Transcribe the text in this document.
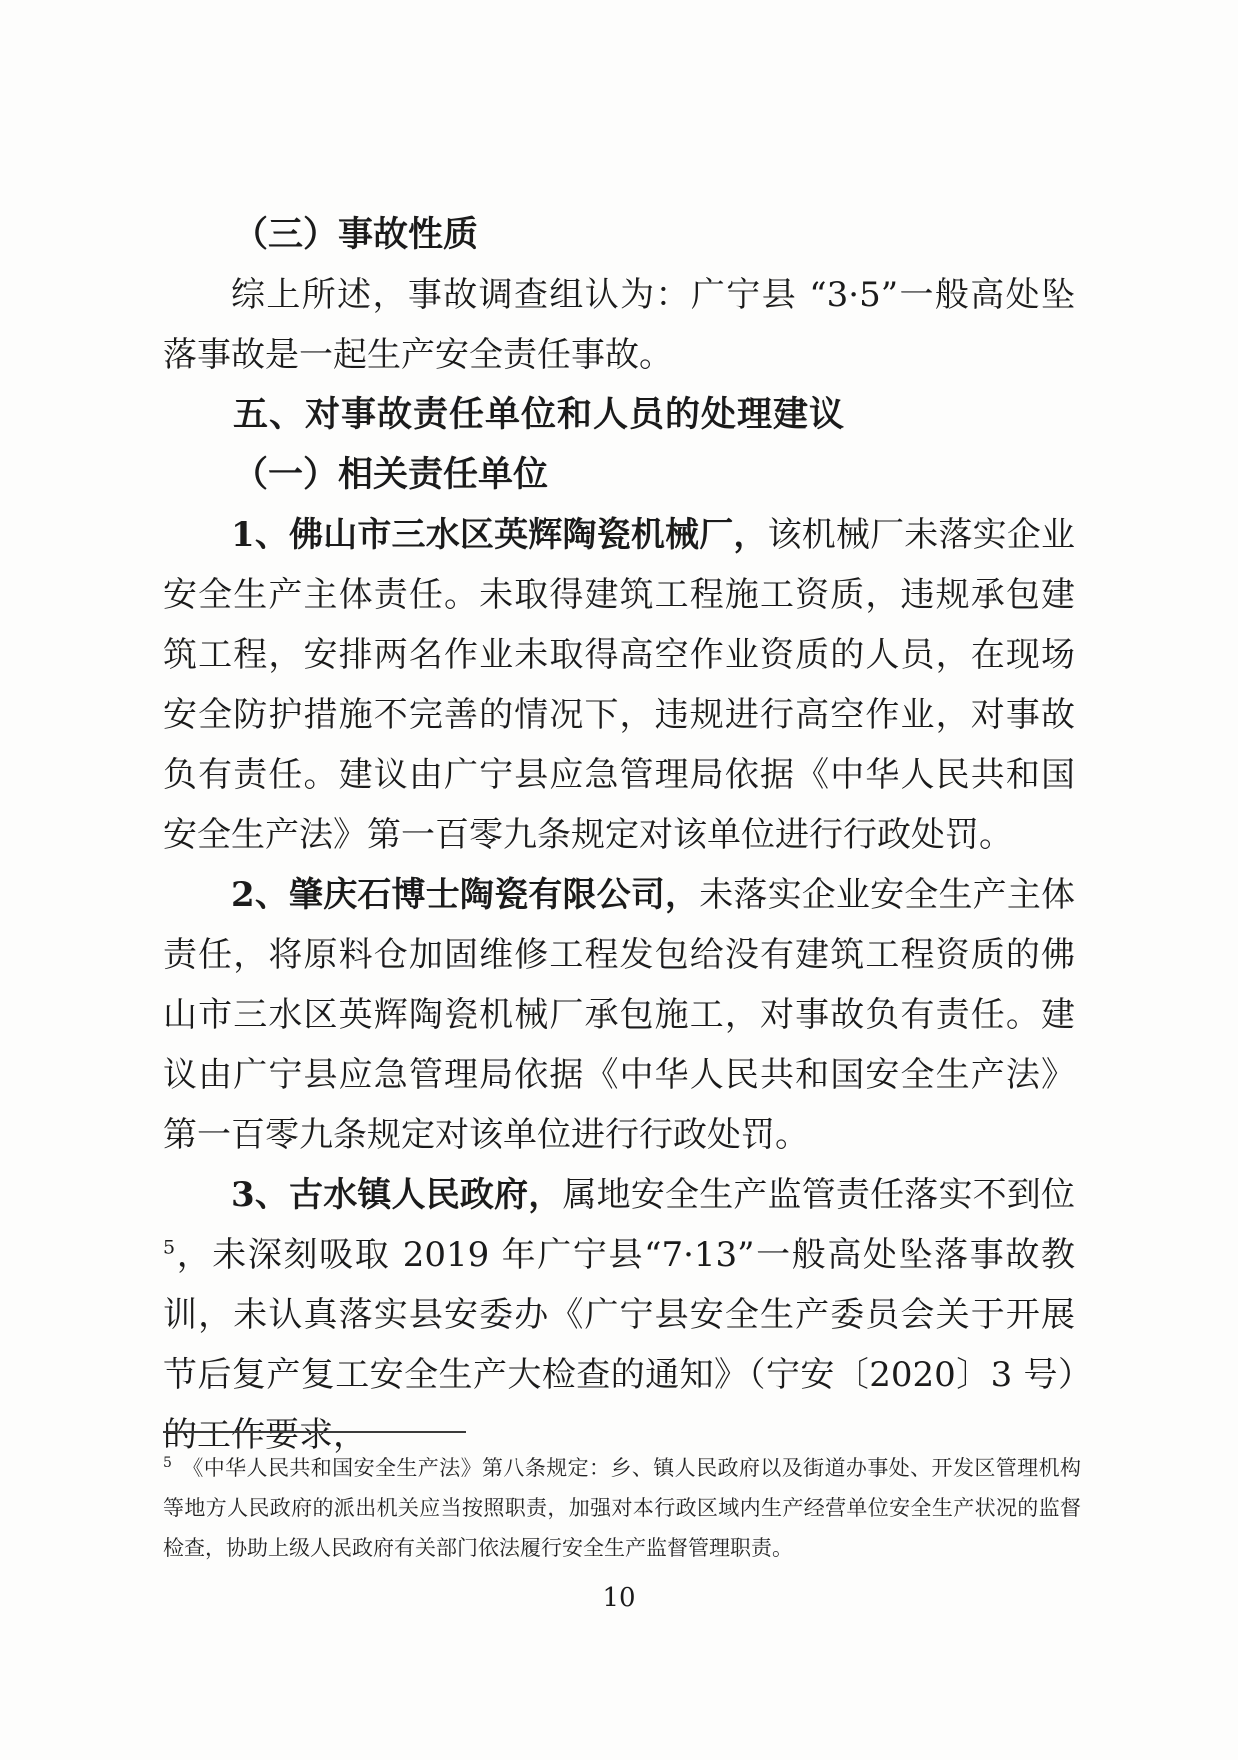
（三）事故性质

综上所述，事故调查组认为：广宁县 “3·5”一般高处坠落事故是一起生产安全责任事故。

五、对事故责任单位和人员的处理建议
（一）相关责任单位

1、佛山市三水区英辉陶瓷机械厂，该机械厂未落实企业安全生产主体责任。未取得建筑工程施工资质，违规承包建筑工程，安排两名作业未取得高空作业资质的人员，在现场安全防护措施不完善的情况下，违规进行高空作业，对事故负有责任。建议由广宁县应急管理局依据《中华人民共和国安全生产法》第一百零九条规定对该单位进行行政处罚。

2、肇庆石博士陶瓷有限公司，未落实企业安全生产主体责任，将原料仓加固维修工程发包给没有建筑工程资质的佛山市三水区英辉陶瓷机械厂承包施工，对事故负有责任。建议由广宁县应急管理局依据《中华人民共和国安全生产法》第一百零九条规定对该单位进行行政处罚。

3、古水镇人民政府，属地安全生产监管责任落实不到位$^5$，未深刻吸取 2019 年广宁县“7·13”一般高处坠落事故教训，未认真落实县安委办《广宁县安全生产委员会关于开展节后复产复工安全生产大检查的通知》（宁安〔2020〕3 号）的工作要求，

$^5$ 《中华人民共和国安全生产法》第八条规定：乡、镇人民政府以及街道办事处、开发区管理机构等地方人民政府的派出机关应当按照职责，加强对本行政区域内生产经营单位安全生产状况的监督检查，协助上级人民政府有关部门依法履行安全生产监督管理职责。
10
